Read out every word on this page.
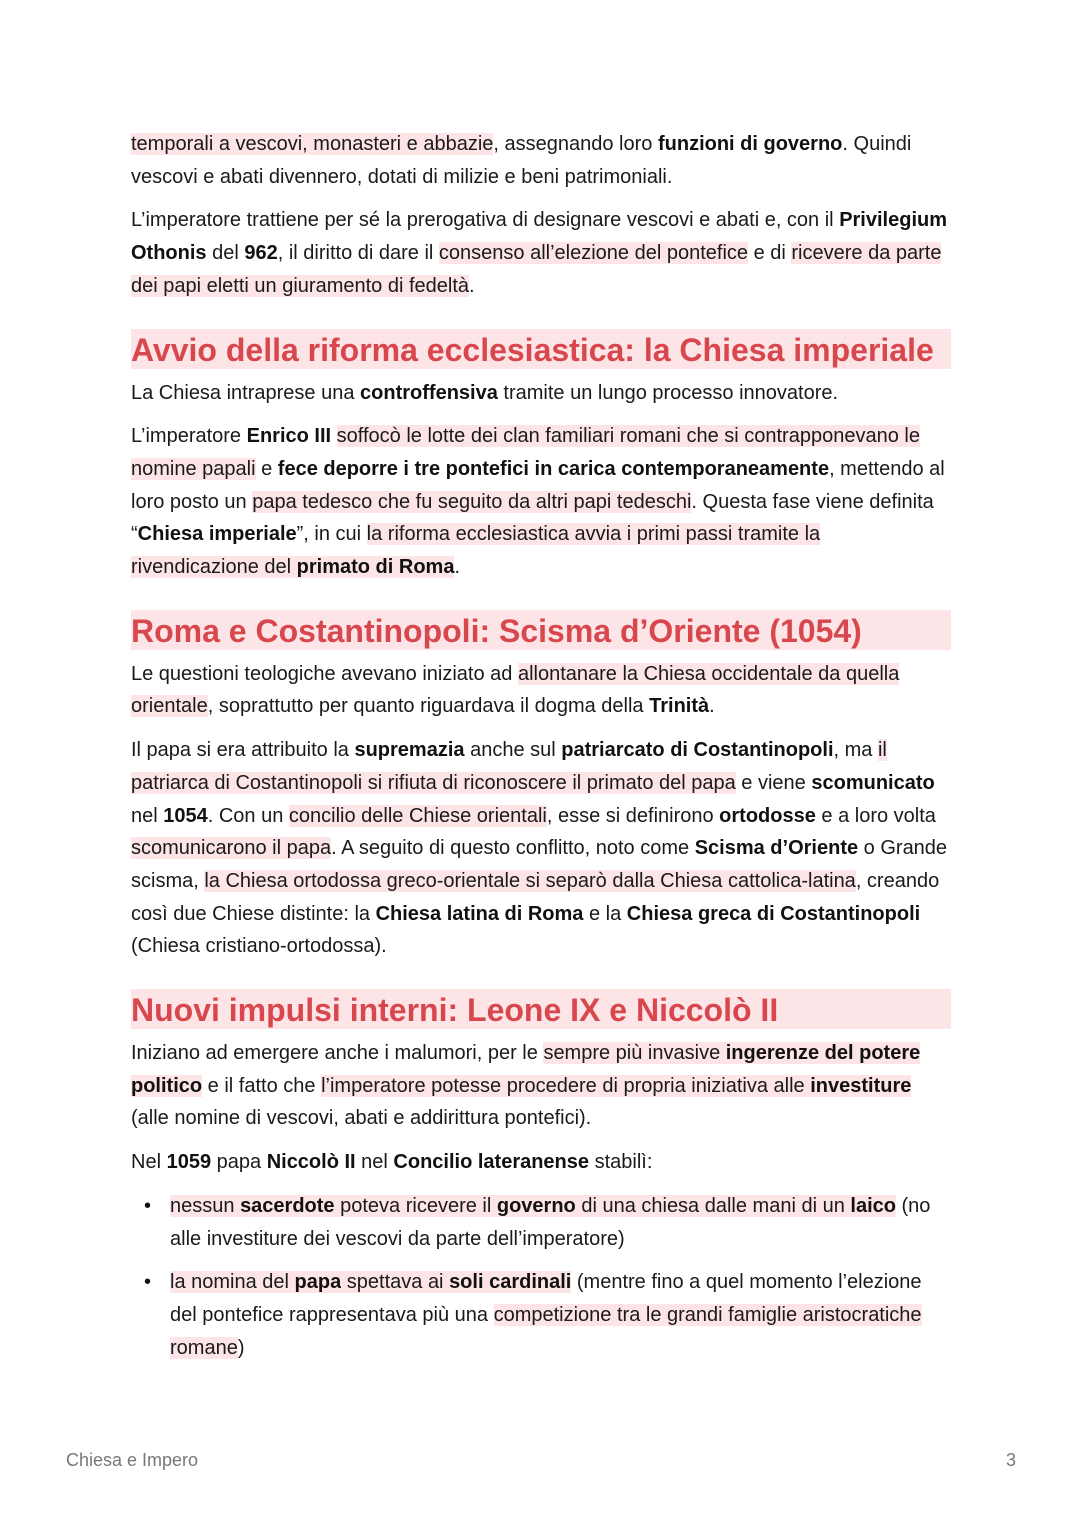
temporali a vescovi, monasteri e abbazie, assegnando loro funzioni di governo. Quindi vescovi e abati divennero, dotati di milizie e beni patrimoniali.

L’imperatore trattiene per sé la prerogativa di designare vescovi e abati e, con il Privilegium Othonis del 962, il diritto di dare il consenso all’elezione del pontefice e di ricevere da parte dei papi eletti un giuramento di fedeltà.

Avvio della riforma ecclesiastica: la Chiesa imperiale

La Chiesa intraprese una controffensiva tramite un lungo processo innovatore.

L’imperatore Enrico III soffocò le lotte dei clan familiari romani che si contrapponevano le nomine papali e fece deporre i tre pontefici in carica contemporaneamente, mettendo al loro posto un papa tedesco che fu seguito da altri papi tedeschi. Questa fase viene definita “Chiesa imperiale”, in cui la riforma ecclesiastica avvia i primi passi tramite la rivendicazione del primato di Roma.

Roma e Costantinopoli: Scisma d’Oriente (1054)

Le questioni teologiche avevano iniziato ad allontanare la Chiesa occidentale da quella orientale, soprattutto per quanto riguardava il dogma della Trinità.

Il papa si era attribuito la supremazia anche sul patriarcato di Costantinopoli, ma il patriarca di Costantinopoli si rifiuta di riconoscere il primato del papa e viene scomunicato nel 1054. Con un concilio delle Chiese orientali, esse si definirono ortodosse e a loro volta scomunicarono il papa. A seguito di questo conflitto, noto come Scisma d’Oriente o Grande scisma, la Chiesa ortodossa greco-orientale si separò dalla Chiesa cattolica-latina, creando così due Chiese distinte: la Chiesa latina di Roma e la Chiesa greca di Costantinopoli (Chiesa cristiano-ortodossa).

Nuovi impulsi interni: Leone IX e Niccolò II

Iniziano ad emergere anche i malumori, per le sempre più invasive ingerenze del potere politico e il fatto che l’imperatore potesse procedere di propria iniziativa alle investiture (alle nomine di vescovi, abati e addirittura pontefici).

Nel 1059 papa Niccolò II nel Concilio lateranense stabilì:

• nessun sacerdote poteva ricevere il governo di una chiesa dalle mani di un laico (no alle investiture dei vescovi da parte dell’imperatore)
• la nomina del papa spettava ai soli cardinali (mentre fino a quel momento l’elezione del pontefice rappresentava più una competizione tra le grandi famiglie aristocratiche romane)
Chiesa e Impero	3
